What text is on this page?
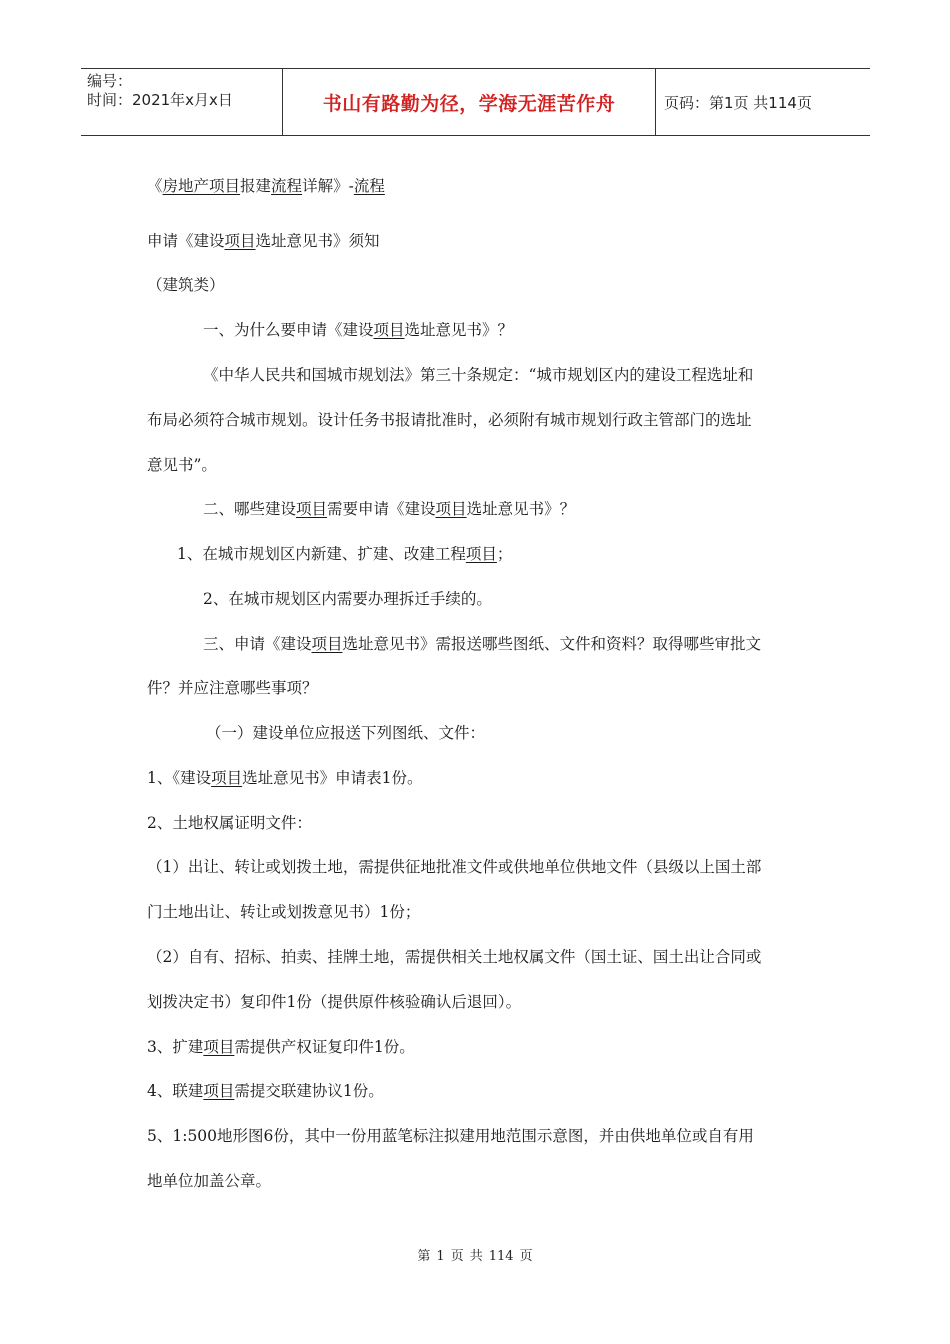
编号：
时间：2021年x月x日	书山有路勤为径，学海无涯苦作舟	页码：第1页 共114页
《房地产项目报建流程详解》-流程
申请《建设项目选址意见书》须知
（建筑类）
一、为什么要申请《建设项目选址意见书》？
《中华人民共和国城市规划法》第三十条规定：“城市规划区内的建设工程选址和
布局必须符合城市规划。设计任务书报请批准时，必须附有城市规划行政主管部门的选址
意见书”。
二、哪些建设项目需要申请《建设项目选址意见书》？
1、在城市规划区内新建、扩建、改建工程项目；
2、在城市规划区内需要办理拆迁手续的。
三、申请《建设项目选址意见书》需报送哪些图纸、文件和资料？取得哪些审批文
件？并应注意哪些事项？
（一）建设单位应报送下列图纸、文件：
1、《建设项目选址意见书》申请表1份。
2、土地权属证明文件：
（1）出让、转让或划拨土地，需提供征地批准文件或供地单位供地文件（县级以上国土部
门土地出让、转让或划拨意见书）1份；
（2）自有、招标、拍卖、挂牌土地，需提供相关土地权属文件（国土证、国土出让合同或
划拨决定书）复印件1份（提供原件核验确认后退回）。
3、扩建项目需提供产权证复印件1份。
4、联建项目需提交联建协议1份。
5、1:500地形图6份，其中一份用蓝笔标注拟建用地范围示意图，并由供地单位或自有用
地单位加盖公章。
第 1 页 共 114 页
